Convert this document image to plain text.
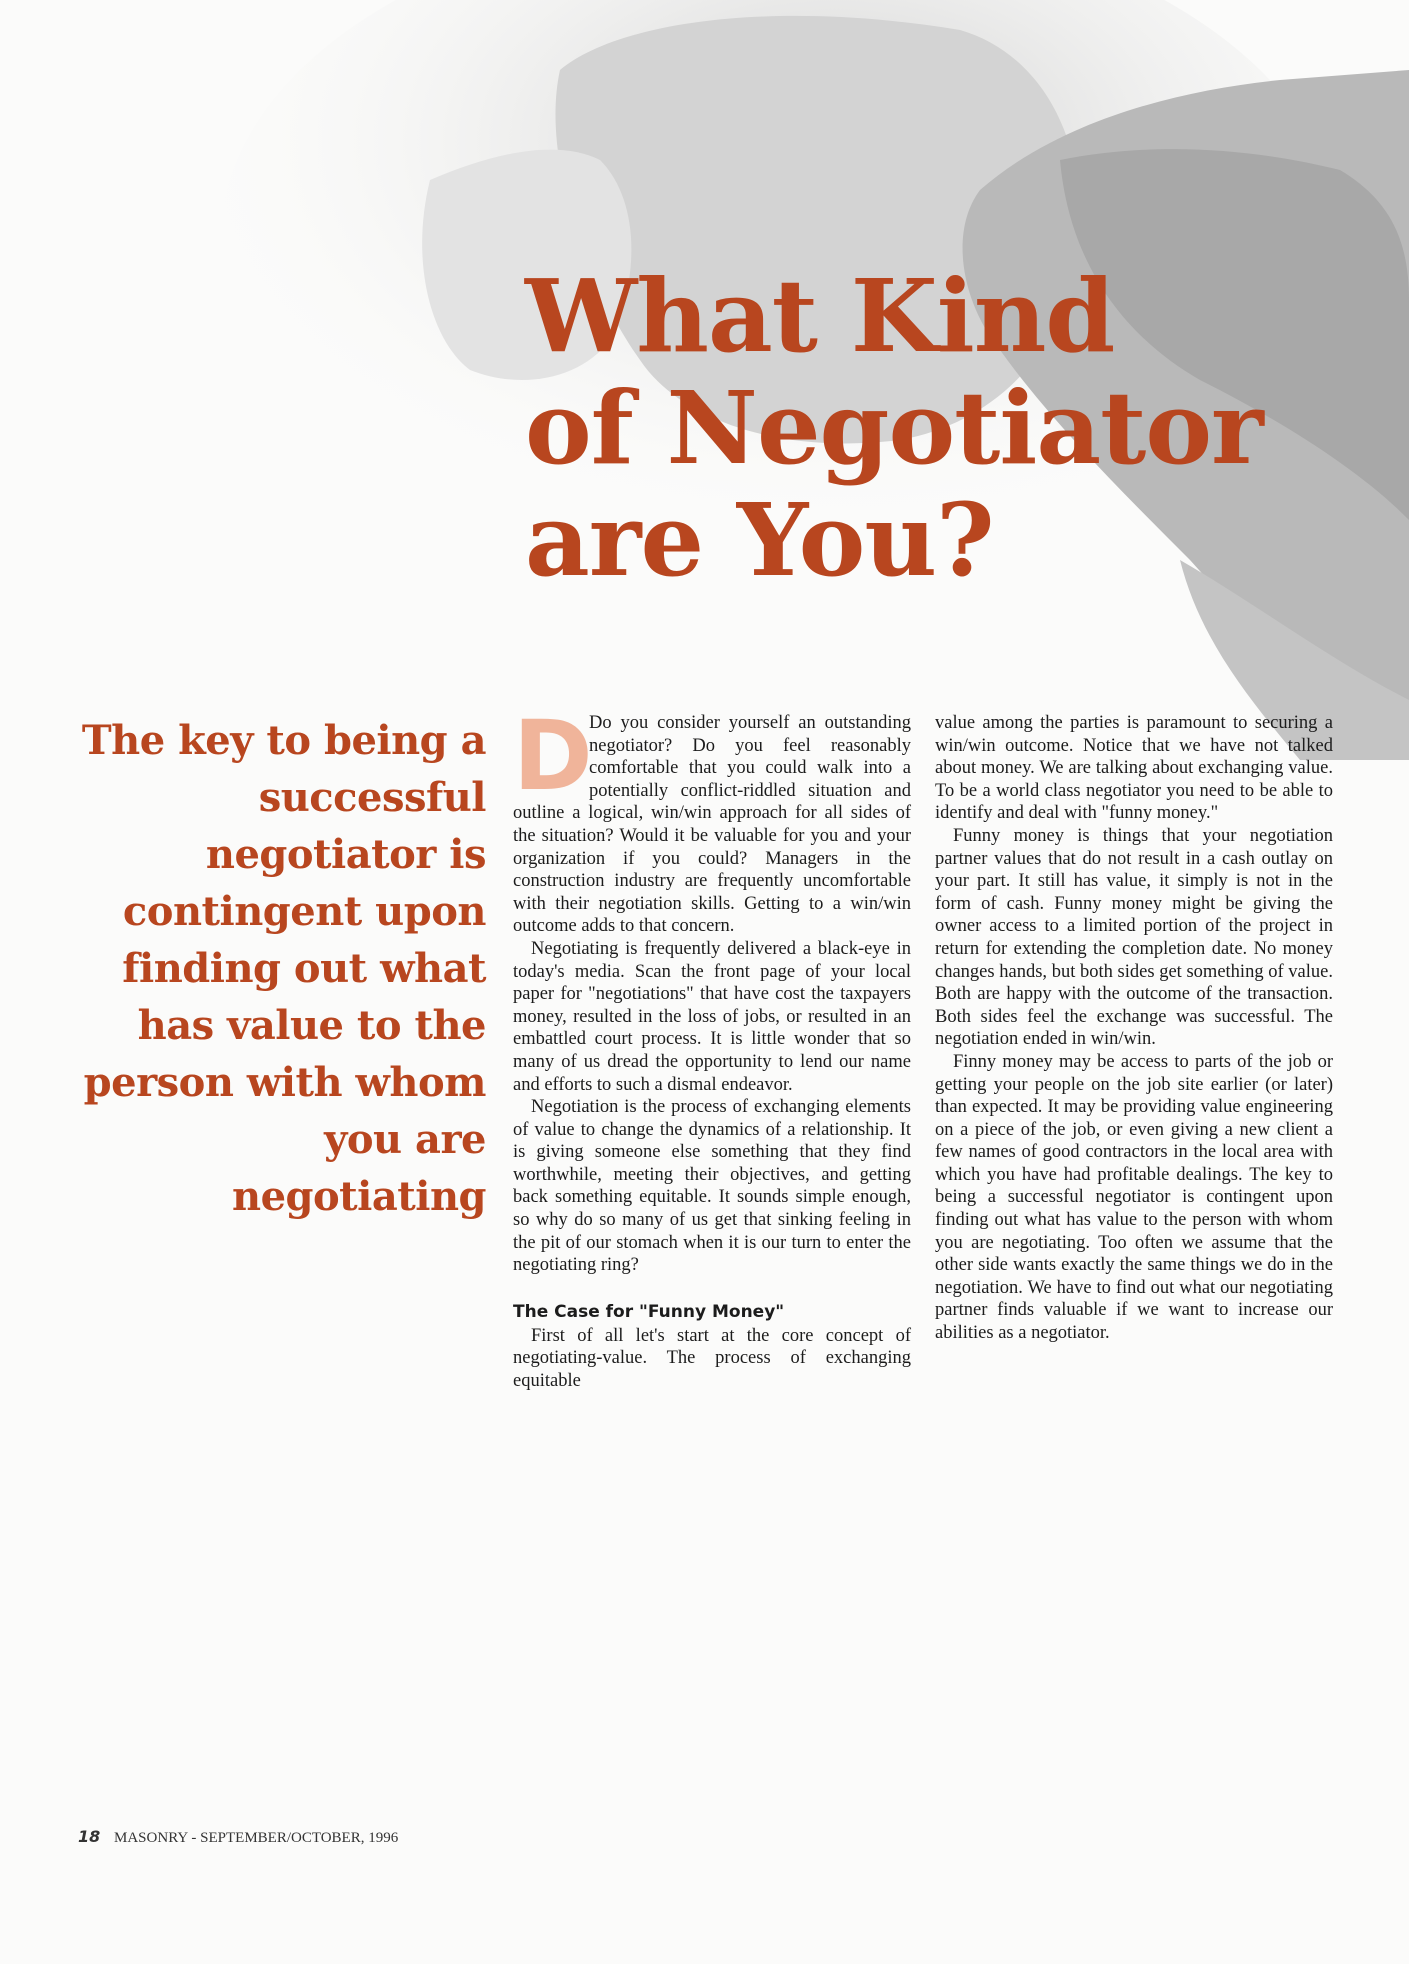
What Kind
of Negotiator
are You?

The key to being a successful negotiator is contingent upon finding out what has value to the person with whom you are negotiating

D

Do you consider yourself an outstanding negotiator? Do you feel reasonably comfortable that you could walk into a potentially conflict-riddled situation and outline a logical, win/win approach for all sides of the situation? Would it be valuable for you and your organization if you could? Managers in the construction industry are frequently uncomfortable with their negotiation skills. Getting to a win/win outcome adds to that concern.

Negotiating is frequently delivered a black-eye in today's media. Scan the front page of your local paper for "negotiations" that have cost the taxpayers money, resulted in the loss of jobs, or resulted in an embattled court process. It is little wonder that so many of us dread the opportunity to lend our name and efforts to such a dismal endeavor.

Negotiation is the process of exchanging elements of value to change the dynamics of a relationship. It is giving someone else something that they find worthwhile, meeting their objectives, and getting back something equitable. It sounds simple enough, so why do so many of us get that sinking feeling in the pit of our stomach when it is our turn to enter the negotiating ring?

The Case for "Funny Money"

First of all let's start at the core concept of negotiating-value. The process of exchanging equitable

value among the parties is paramount to securing a win/win outcome. Notice that we have not talked about money. We are talking about exchanging value. To be a world class negotiator you need to be able to identify and deal with "funny money."

Funny money is things that your negotiation partner values that do not result in a cash outlay on your part. It still has value, it simply is not in the form of cash. Funny money might be giving the owner access to a limited portion of the project in return for extending the completion date. No money changes hands, but both sides get something of value. Both are happy with the outcome of the transaction. Both sides feel the exchange was successful. The negotiation ended in win/win.

Finny money may be access to parts of the job or getting your people on the job site earlier (or later) than expected. It may be providing value engineering on a piece of the job, or even giving a new client a few names of good contractors in the local area with which you have had profitable dealings. The key to being a successful negotiator is contingent upon finding out what has value to the person with whom you are negotiating. Too often we assume that the other side wants exactly the same things we do in the negotiation. We have to find out what our negotiating partner finds valuable if we want to increase our abilities as a negotiator.

18 MASONRY - SEPTEMBER/OCTOBER, 1996
